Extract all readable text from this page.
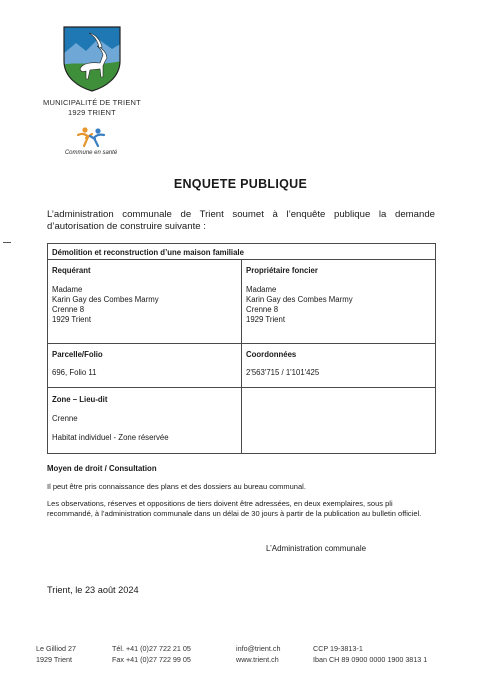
MUNICIPALITÉ DE TRIENT
1929 TRIENT
Commune en santé
ENQUETE PUBLIQUE
L’administration communale de Trient soumet à l’enquête publique la demande d’autorisation de construire suivante :
Démolition et reconstruction d’une maison familiale
Requérant
Madame
Karin Gay des Combes Marmy
Crenne 8
1929 Trient
Propriétaire foncier
Madame
Karin Gay des Combes Marmy
Crenne 8
1929 Trient
Parcelle/Folio
696, Folio 11
Coordonnées
2'563'715 / 1'101'425
Zone – Lieu-dit
Crenne
Habitat individuel - Zone réservée
Moyen de droit / Consultation
Il peut être pris connaissance des plans et des dossiers au bureau communal.
Les observations, réserves et oppositions de tiers doivent être adressées, en deux exemplaires, sous pli recommandé, à l’administration communale dans un délai de 30 jours à partir de la publication au bulletin officiel.
L’Administration communale
Trient, le 23 août 2024
Le Gilliod 27
1929 Trient
Tél. +41 (0)27 722 21 05
Fax +41 (0)27 722 99 05
info@trient.ch
www.trient.ch
CCP 19-3813-1
Iban CH 89 0900 0000 1900 3813 1
